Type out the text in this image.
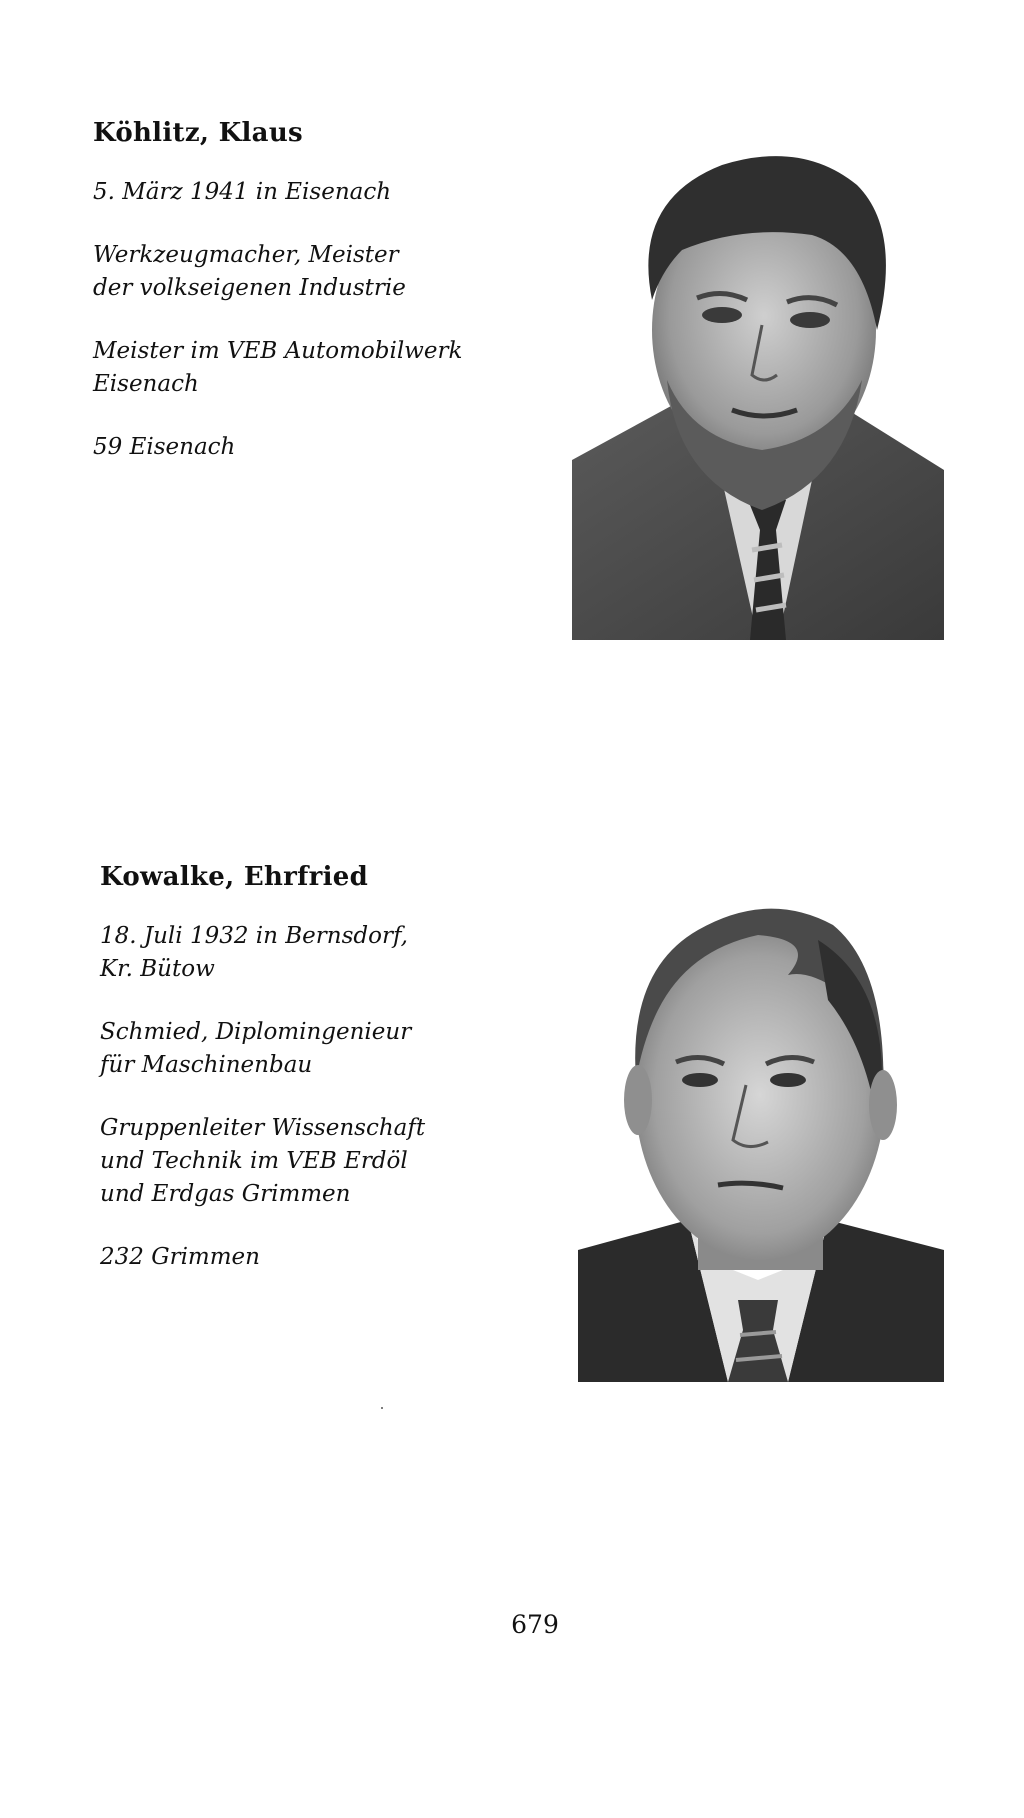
Köhlitz, Klaus

5. März 1941 in Eisenach

Werkzeugmacher, Meister
der volkseigenen Industrie

Meister im VEB Automobilwerk
Eisenach

59 Eisenach

Kowalke, Ehrfried

18. Juli 1932 in Bernsdorf,
Kr. Bütow

Schmied, Diplomingenieur
für Maschinenbau

Gruppenleiter Wissenschaft
und Technik im VEB Erdöl
und Erdgas Grimmen

232 Grimmen

679
